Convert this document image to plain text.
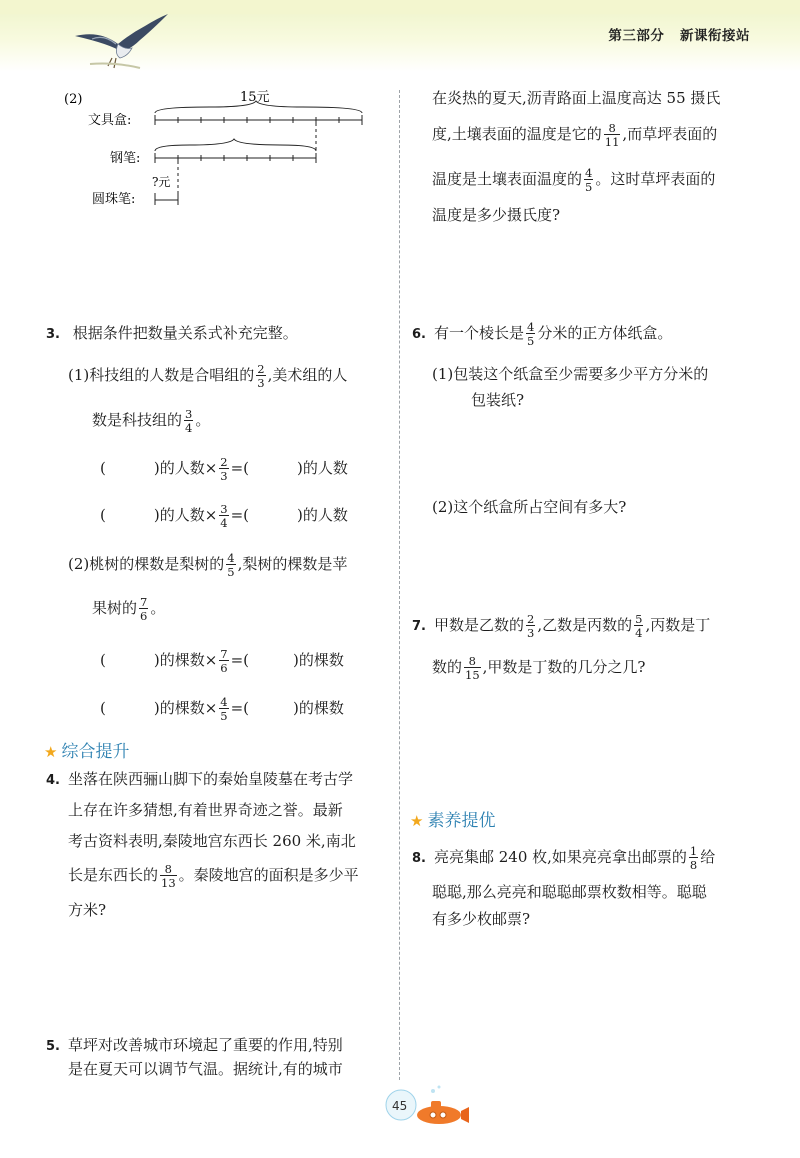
第三部分   新课衔接站
(2)	15元
文具盒:
钢笔:
?元
圆珠笔:
3. 根据条件把数量关系式补充完整。
(1)科技组的人数是合唱组的 $\frac{2}{3}$ ,美术组的人
数是科技组的 $\frac{3}{4}$ 。
(	)的人数× $\frac{2}{3}$ =(	)的人数
(	)的人数× $\frac{3}{4}$ =(	)的人数
(2)桃树的棵数是梨树的 $\frac{4}{5}$ ,梨树的棵数是苹
果树的 $\frac{7}{6}$ 。
(	)的棵数× $\frac{7}{6}$ =(	)的棵数
(	)的棵数× $\frac{4}{5}$ =(	)的棵数
★ 综合提升
4. 坐落在陕西骊山脚下的秦始皇陵墓在考古学
上存在许多猜想,有着世界奇迹之誉。最新
考古资料表明,秦陵地宫东西长 260 米,南北
长是东西长的 $\frac{8}{13}$ 。秦陵地宫的面积是多少平
方米?
5. 草坪对改善城市环境起了重要的作用,特别
是在夏天可以调节气温。据统计,有的城市
在炎热的夏天,沥青路面上温度高达 55 摄氏
度,土壤表面的温度是它的 $\frac{8}{11}$ ,而草坪表面的
温度是土壤表面温度的 $\frac{4}{5}$ 。这时草坪表面的
温度是多少摄氏度?
6. 有一个棱长是 $\frac{4}{5}$ 分米的正方体纸盒。
(1)包装这个纸盒至少需要多少平方分米的
包装纸?
(2)这个纸盒所占空间有多大?
7. 甲数是乙数的 $\frac{2}{3}$ ,乙数是丙数的 $\frac{5}{4}$ ,丙数是丁
数的 $\frac{8}{15}$ ,甲数是丁数的几分之几?
★ 素养提优
8. 亮亮集邮 240 枚,如果亮亮拿出邮票的 $\frac{1}{8}$ 给
聪聪,那么亮亮和聪聪邮票枚数相等。聪聪
有多少枚邮票?
45
